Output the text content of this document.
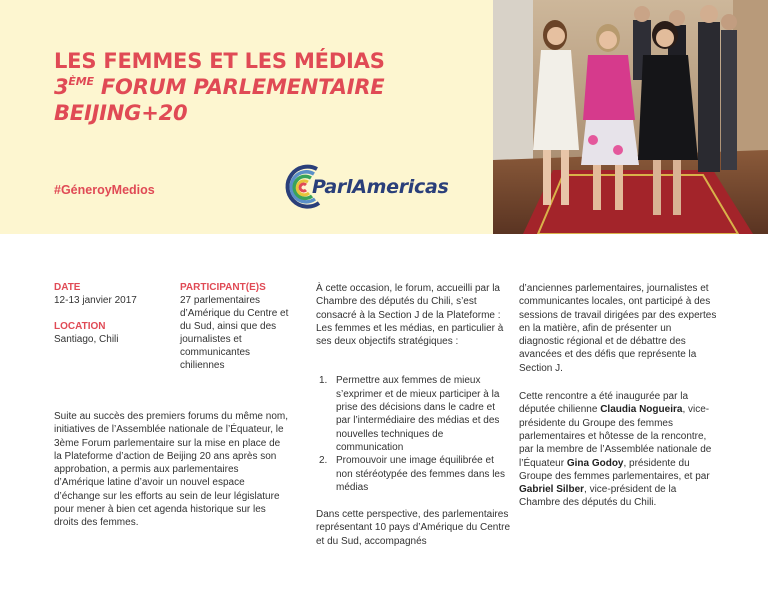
LES FEMMES ET LES MÉDIAS
3ÈME FORUM PARLEMENTAIRE
BEIJING+20
#GéneroyMedios	ParlAmericas
DATE
12-13 janvier 2017
LOCATION
Santiago, Chili
PARTICIPANT(E)S
27 parlementaires d’Amérique du Centre et du Sud, ainsi que des journalistes et communicantes chiliennes
Suite au succès des premiers forums du même nom, initiatives de l’Assemblée nationale de l’Équateur, le 3ème Forum parlementaire sur la mise en place de la Plateforme d’action de Beijing 20 ans après son approbation, a permis aux parlementaires d’Amérique latine d’avoir un nouvel espace d’échange sur les efforts au sein de leur législature pour mener à bien cet agenda historique sur les droits des femmes.

À cette occasion, le forum, accueilli par la Chambre des députés du Chili, s’est consacré à la Section J de la Plateforme : Les femmes et les médias, en particulier à ses deux objectifs stratégiques :

1. Permettre aux femmes de mieux s’exprimer et de mieux participer à la prise des décisions dans le cadre et par l’intermédiaire des médias et des nouvelles techniques de communication
2. Promouvoir une image équilibrée et non stéréotypée des femmes dans les médias

Dans cette perspective, des parlementaires représentant 10 pays d’Amérique du Centre et du Sud, accompagnés

d’anciennes parlementaires, journalistes et communicantes locales, ont participé à des sessions de travail dirigées par des expertes en la matière, afin de présenter un diagnostic régional et de débattre des avancées et des défis que représente la Section J.

Cette rencontre a été inaugurée par la députée chilienne Claudia Nogueira, vice-présidente du Groupe des femmes parlementaires et hôtesse de la rencontre, par la membre de l’Assemblée nationale de l’Équateur Gina Godoy, présidente du Groupe des femmes parlementaires, et par Gabriel Silber, vice-président de la Chambre des députés du Chili.
